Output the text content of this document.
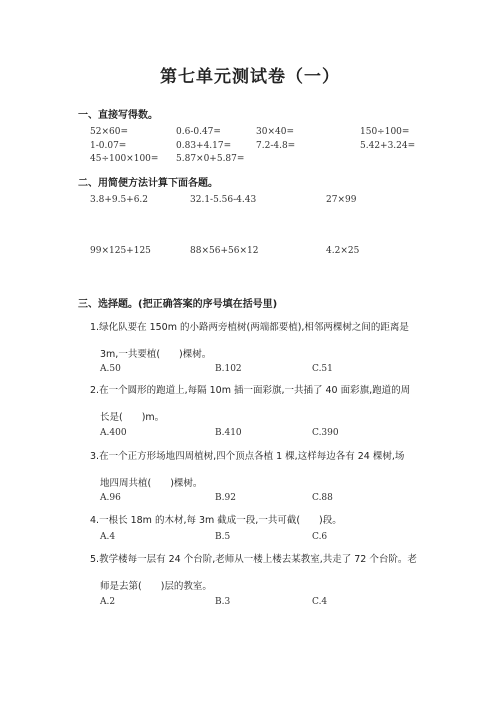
第七单元测试卷（一）
一、直接写得数。
52×60=	0.6-0.47=	30×40=	150÷100=
1-0.07=	0.83+4.17=	7.2-4.8=	5.42+3.24=
45÷100×100= 5.87×0+5.87=
二、用简便方法计算下面各题。
3.8+9.5+6.2	32.1-5.56-4.43	27×99
99×125+125	88×56+56×12	4.2×25
三、选择题。(把正确答案的序号填在括号里)
1.绿化队要在 150m 的小路两旁植树(两端都要植),相邻两棵树之间的距离是
3m,一共要植(　　)棵树。
A.50	B.102	C.51
2.在一个圆形的跑道上,每隔 10m 插一面彩旗,一共插了 40 面彩旗,跑道的周
长是(　　)m。
A.400	B.410	C.390
3.在一个正方形场地四周植树,四个顶点各植 1 棵,这样每边各有 24 棵树,场
地四周共植(　　)棵树。
A.96	B.92	C.88
4.一根长 18m 的木材,每 3m 截成一段,一共可截(　　)段。
A.4	B.5	C.6
5.教学楼每一层有 24 个台阶,老师从一楼上楼去某教室,共走了 72 个台阶。老
师是去第(　　)层的教室。
A.2	B.3	C.4
